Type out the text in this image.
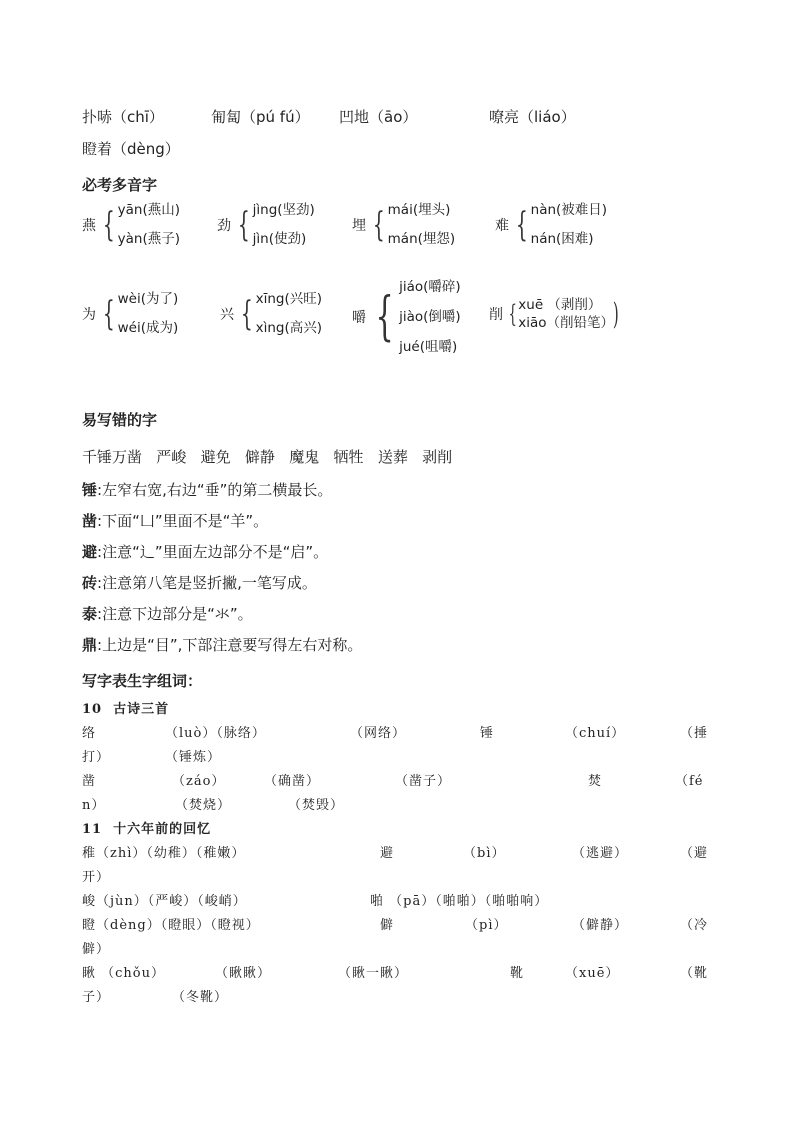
扑哧（chī）	匍匐（pú fú） 凹地（āo）	嘹亮（liáo）
瞪着（dèng）
必考多音字
燕 { yān(燕山)
yàn(燕子)
劲 { jìng(坚劲)
jìn(使劲)
埋 { mái(埋头)
mán(埋怨)
难 { nàn(被难日)
nán(困难)
为 { wèi(为了)
wéi(成为)
兴 { xīng(兴旺)
xìng(高兴)
嚼 { jiáo(嚼碎)
jiào(倒嚼)
jué(咀嚼)
削 { xuē （剥削）
xiāo（削铅笔）
)
易写错的字
千锤万凿   严峻   避免   僻静   魔鬼   牺牲   送葬   剥削
锤:左窄右宽,右边“垂”的第二横最长。
凿:下面“凵”里面不是“羊”。
避:注意“辶”里面左边部分不是“启”。
砖:注意第八笔是竖折撇,一笔写成。
泰:注意下边部分是“氺”。
鼎:上边是“目”,下部注意要写得左右对称。
写字表生字组词：
10  古诗三首
络	（luò）（脉络）	（网络）	锤	（chuí）	（捶
打）	（锤炼）
凿	（záo）	（确凿）	（凿子）	焚	（fé
n）	（焚烧）	（焚毁）
11  十六年前的回忆
稚（zhì）（幼稚）（稚嫩）	避	（bì）	（逃避）	（避
开）
峻（jùn）（严峻）（峻峭）	啪 （pā）（啪啪）（啪啪响）
瞪（dèng）（瞪眼）（瞪视）	僻	（pì）	（僻静）	（冷
僻）
瞅 （chǒu）	（瞅瞅）	（瞅一瞅）	靴	（xuē）	（靴
子）	（冬靴）
